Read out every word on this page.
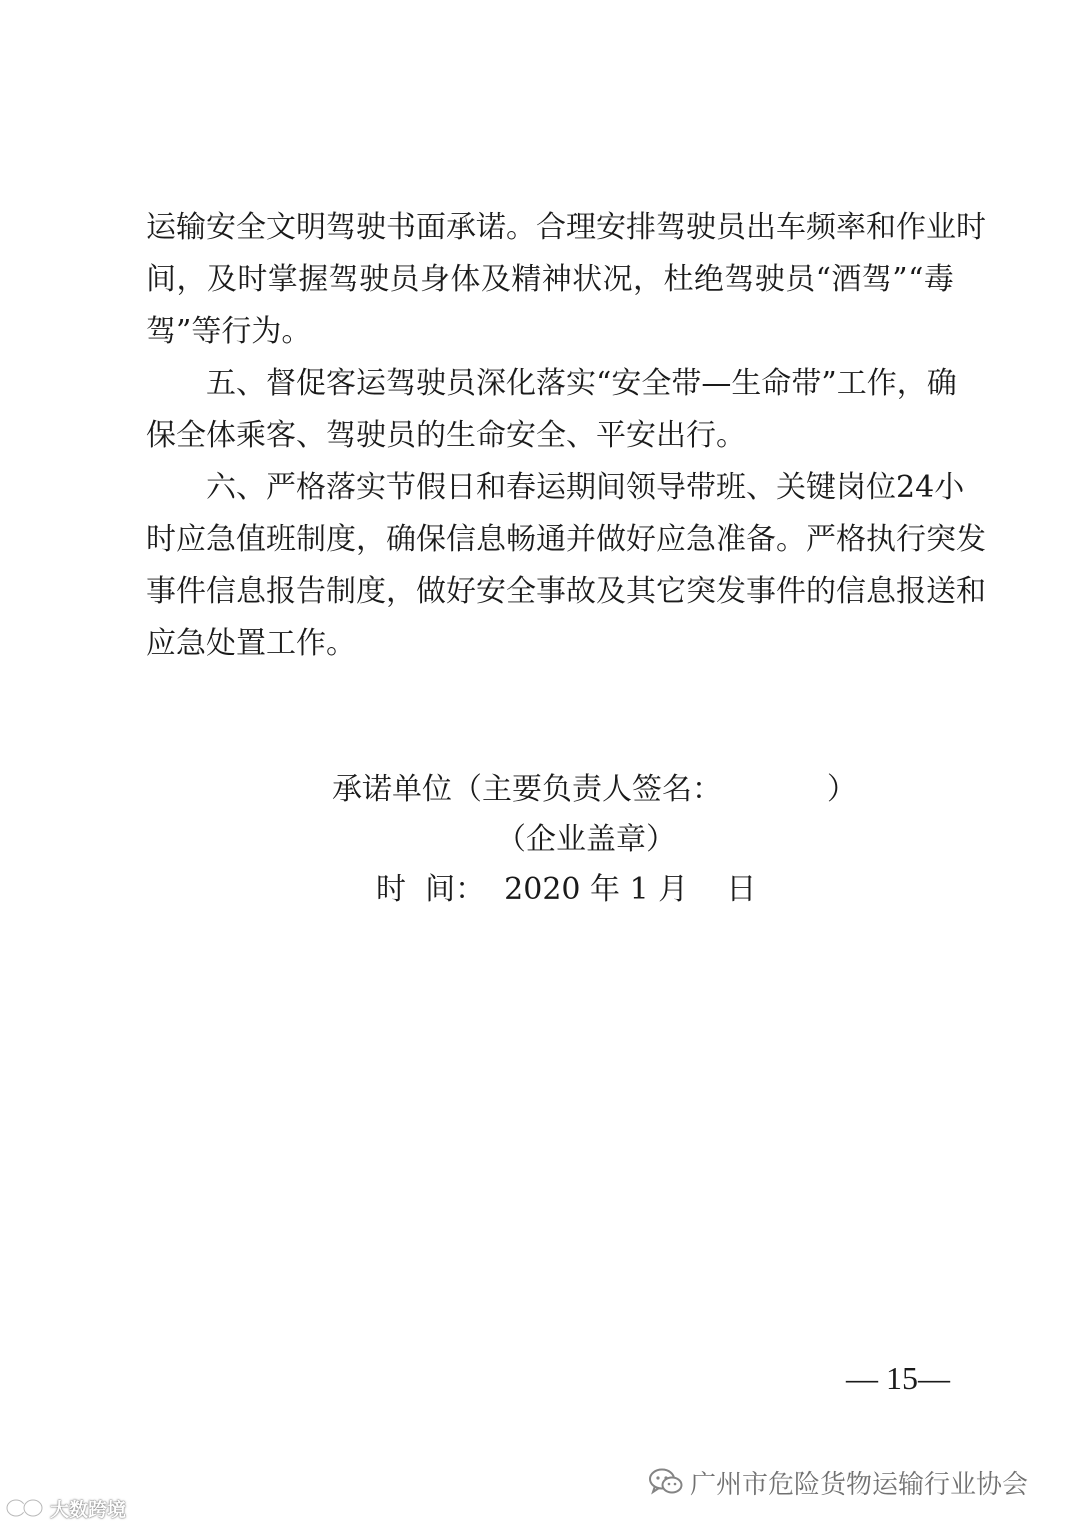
运 输 安 全 文 明 驾 驶 书 面 承 诺 。 合 理 安 排 驾 驶 员 出 车 频 率 和 作 业 时
间 ， 及 时 掌 握 驾 驶 员 身 体 及 精 神 状 况 ， 杜 绝 驾 驶 员 “ 酒 驾 ” “ 毒
驾”等行为。
五 、 督 促 客 运 驾 驶 员 深 化 落 实 “ 安 全 带 — 生 命 带 ” 工 作 ， 确
保全体乘客、驾驶员的生命安全、平安出行。
六 、 严 格 落 实 节 假 日 和 春 运 期 间 领 导 带 班 、 关 键 岗 位 24 小
时 应 急 值 班 制 度 ， 确 保 信 息 畅 通 并 做 好 应 急 准 备 。 严 格 执 行 突 发
事 件 信 息 报 告 制 度 ， 做 好 安 全 事 故 及 其 它 突 发 事 件 的 信 息 报 送 和
应急处置工作。
承诺单位（主要负责人签名：           ）
（企业盖章）
时  间：  2020 年 1 月    日
— 15—
广州市危险货物运输行业协会
大数跨境
